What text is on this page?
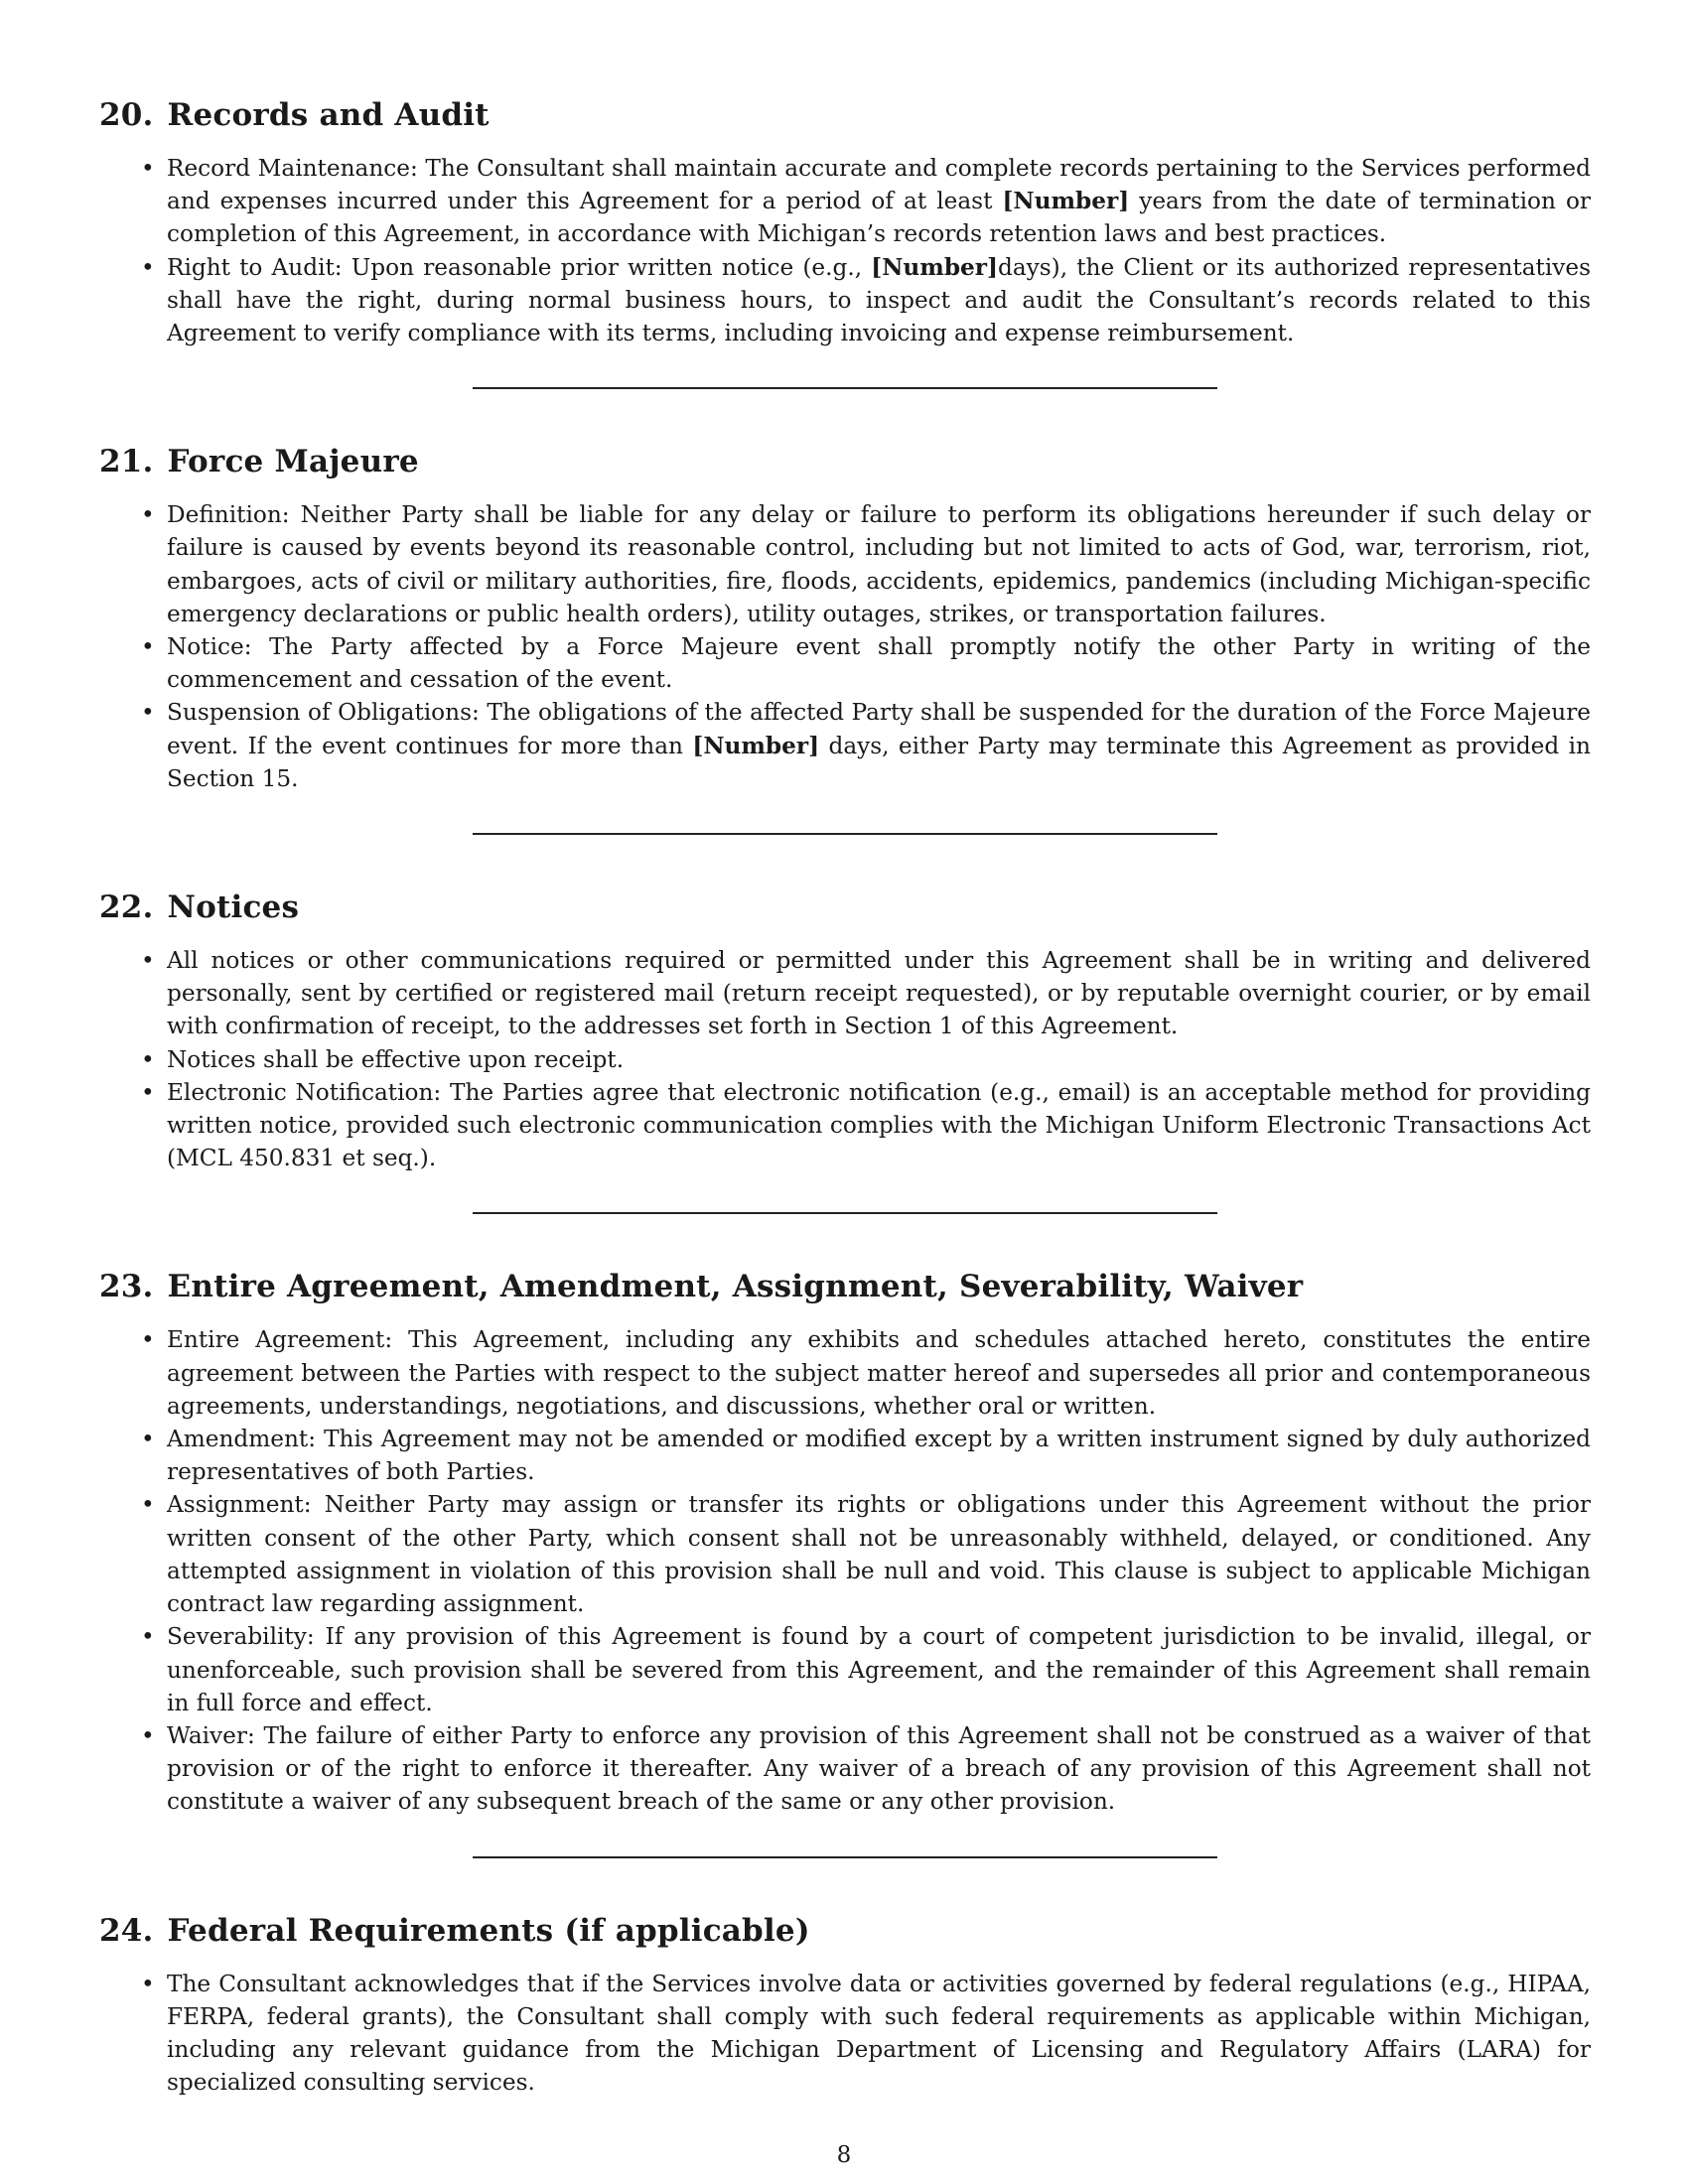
20. Records and Audit
• Record Maintenance: The Consultant shall maintain accurate and complete records pertaining to the Services performed and expenses incurred under this Agreement for a period of at least [Number] years from the date of termination or completion of this Agreement, in accordance with Michigan’s records retention laws and best practices.
• Right to Audit: Upon reasonable prior written notice (e.g., [Number]days), the Client or its authorized representatives shall have the right, during normal business hours, to inspect and audit the Consultant’s records related to this Agreement to verify compliance with its terms, including invoicing and expense reimbursement.
21. Force Majeure
• Definition: Neither Party shall be liable for any delay or failure to perform its obligations hereunder if such delay or failure is caused by events beyond its reasonable control, including but not limited to acts of God, war, terrorism, riot, embargoes, acts of civil or military authorities, fire, floods, accidents, epidemics, pandemics (including Michigan-specific emergency declarations or public health orders), utility outages, strikes, or transportation failures.
• Notice: The Party affected by a Force Majeure event shall promptly notify the other Party in writing of the commencement and cessation of the event.
• Suspension of Obligations: The obligations of the affected Party shall be suspended for the duration of the Force Majeure event. If the event continues for more than [Number] days, either Party may terminate this Agreement as provided in Section 15.
22. Notices
• All notices or other communications required or permitted under this Agreement shall be in writing and delivered personally, sent by certified or registered mail (return receipt requested), or by reputable overnight courier, or by email with confirmation of receipt, to the addresses set forth in Section 1 of this Agreement.
• Notices shall be effective upon receipt.
• Electronic Notification: The Parties agree that electronic notification (e.g., email) is an acceptable method for providing written notice, provided such electronic communication complies with the Michigan Uniform Electronic Transactions Act (MCL 450.831 et seq.).
23. Entire Agreement, Amendment, Assignment, Severability, Waiver
• Entire Agreement: This Agreement, including any exhibits and schedules attached hereto, constitutes the entire agreement between the Parties with respect to the subject matter hereof and supersedes all prior and contemporaneous agreements, understandings, negotiations, and discussions, whether oral or written.
• Amendment: This Agreement may not be amended or modified except by a written instrument signed by duly authorized representatives of both Parties.
• Assignment: Neither Party may assign or transfer its rights or obligations under this Agreement without the prior written consent of the other Party, which consent shall not be unreasonably withheld, delayed, or conditioned. Any attempted assignment in violation of this provision shall be null and void. This clause is subject to applicable Michigan contract law regarding assignment.
• Severability: If any provision of this Agreement is found by a court of competent jurisdiction to be invalid, illegal, or unenforceable, such provision shall be severed from this Agreement, and the remainder of this Agreement shall remain in full force and effect.
• Waiver: The failure of either Party to enforce any provision of this Agreement shall not be construed as a waiver of that provision or of the right to enforce it thereafter. Any waiver of a breach of any provision of this Agreement shall not constitute a waiver of any subsequent breach of the same or any other provision.
24. Federal Requirements (if applicable)
• The Consultant acknowledges that if the Services involve data or activities governed by federal regulations (e.g., HIPAA, FERPA, federal grants), the Consultant shall comply with such federal requirements as applicable within Michigan, including any relevant guidance from the Michigan Department of Licensing and Regulatory Affairs (LARA) for specialized consulting services.
8
